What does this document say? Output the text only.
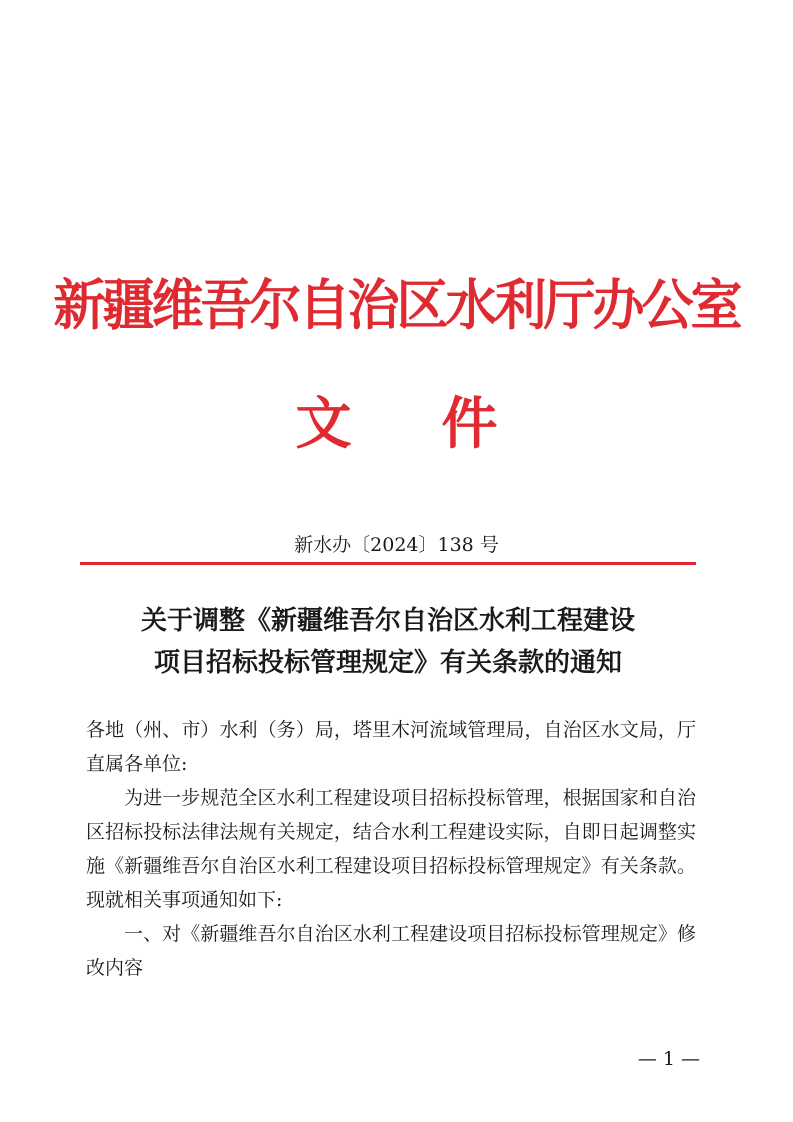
新疆维吾尔自治区水利厅办公室
文件
新水办〔2024〕138 号
关于调整《新疆维吾尔自治区水利工程建设
项目招标投标管理规定》有关条款的通知

各地（州、市）水利（务）局，塔里木河流域管理局，自治区水文局，厅直属各单位:

为进一步规范全区水利工程建设项目招标投标管理，根据国家和自治区招标投标法律法规有关规定，结合水利工程建设实际，自即日起调整实施《新疆维吾尔自治区水利工程建设项目招标投标管理规定》有关条款。现就相关事项通知如下:

一、对《新疆维吾尔自治区水利工程建设项目招标投标管理规定》修改内容

— 1 —
